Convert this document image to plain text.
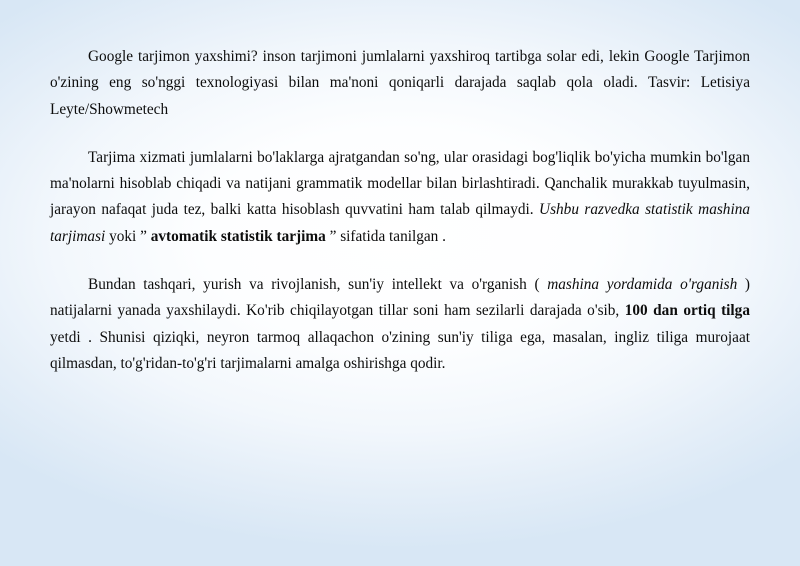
Google tarjimon yaxshimi? inson tarjimoni jumlalarni yaxshiroq tartibga solar edi, lekin Google Tarjimon o'zining eng so'nggi texnologiyasi bilan ma'noni qoniqarli darajada saqlab qola oladi. Tasvir: Letisiya Leyte/Showmetech

Tarjima xizmati jumlalarni bo'laklarga ajratgandan so'ng, ular orasidagi bog'liqlik bo'yicha mumkin bo'lgan ma'nolarni hisoblab chiqadi va natijani grammatik modellar bilan birlashtiradi. Qanchalik murakkab tuyulmasin, jarayon nafaqat juda tez, balki katta hisoblash quvvatini ham talab qilmaydi. Ushbu razvedka statistik mashina tarjimasi yoki ” avtomatik statistik tarjima ” sifatida tanilgan .

Bundan tashqari, yurish va rivojlanish, sun'iy intellekt va o'rganish ( mashina yordamida o'rganish ) natijalarni yanada yaxshilaydi. Ko'rib chiqilayotgan tillar soni ham sezilarli darajada o'sib, 100 dan ortiq tilga yetdi . Shunisi qiziqki, neyron tarmoq allaqachon o'zining sun'iy tiliga ega, masalan, ingliz tiliga murojaat qilmasdan, to'g'ridan-to'g'ri tarjimalarni amalga oshirishga qodir.
